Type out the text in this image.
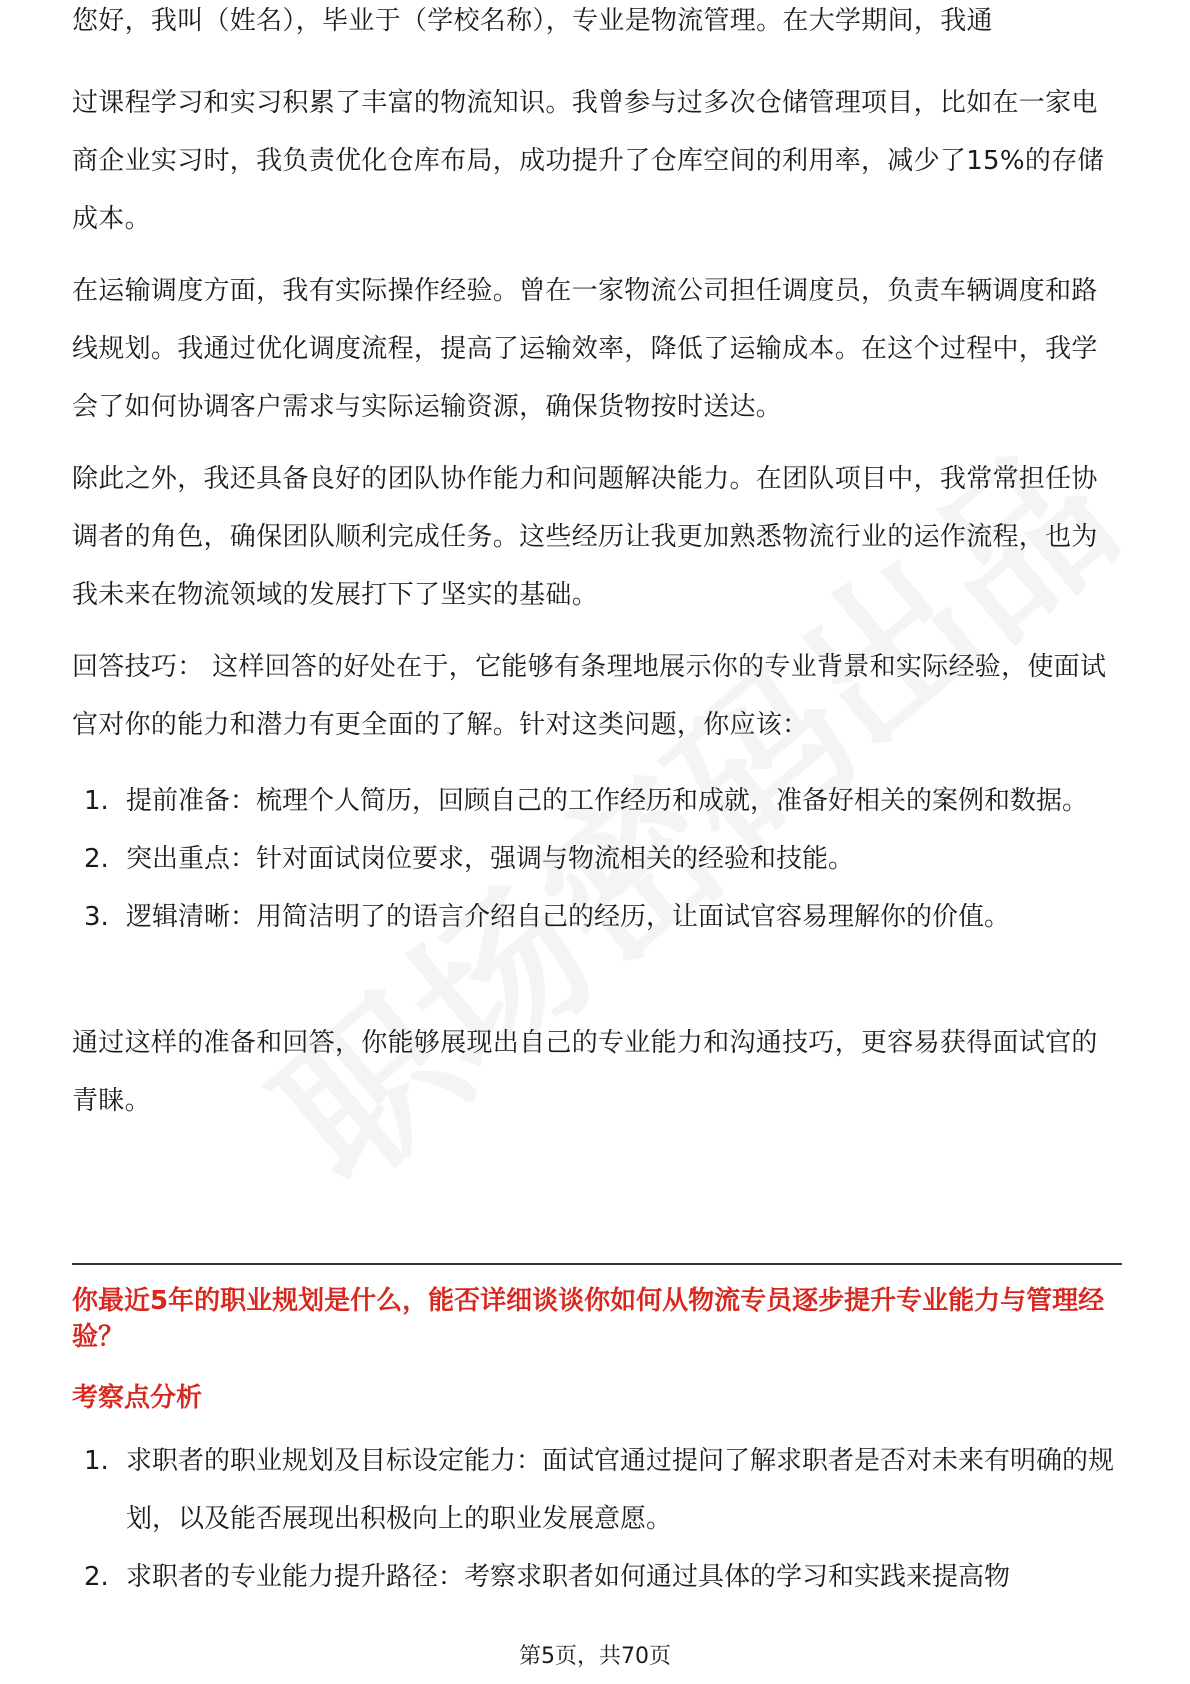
您好，我叫（姓名），毕业于（学校名称），专业是物流管理。在大学期间，我通

过课程学习和实习积累了丰富的物流知识。我曾参与过多次仓储管理项目，比如在一家电商企业实习时，我负责优化仓库布局，成功提升了仓库空间的利用率，减少了15%的存储成本。

在运输调度方面，我有实际操作经验。曾在一家物流公司担任调度员，负责车辆调度和路线规划。我通过优化调度流程，提高了运输效率，降低了运输成本。在这个过程中，我学会了如何协调客户需求与实际运输资源，确保货物按时送达。

除此之外，我还具备良好的团队协作能力和问题解决能力。在团队项目中，我常常担任协调者的角色，确保团队顺利完成任务。这些经历让我更加熟悉物流行业的运作流程，也为我未来在物流领域的发展打下了坚实的基础。

回答技巧： 这样回答的好处在于，它能够有条理地展示你的专业背景和实际经验，使面试官对你的能力和潜力有更全面的了解。针对这类问题，你应该：

1. 提前准备：梳理个人简历，回顾自己的工作经历和成就，准备好相关的案例和数据。
2. 突出重点：针对面试岗位要求，强调与物流相关的经验和技能。
3. 逻辑清晰：用简洁明了的语言介绍自己的经历，让面试官容易理解你的价值。

通过这样的准备和回答，你能够展现出自己的专业能力和沟通技巧，更容易获得面试官的青睐。

你最近5年的职业规划是什么，能否详细谈谈你如何从物流专员逐步提升专业能力与管理经验？
考察点分析
1. 求职者的职业规划及目标设定能力：面试官通过提问了解求职者是否对未来有明确的规划，以及能否展现出积极向上的职业发展意愿。
2. 求职者的专业能力提升路径：考察求职者如何通过具体的学习和实践来提高物
第5页，共70页
